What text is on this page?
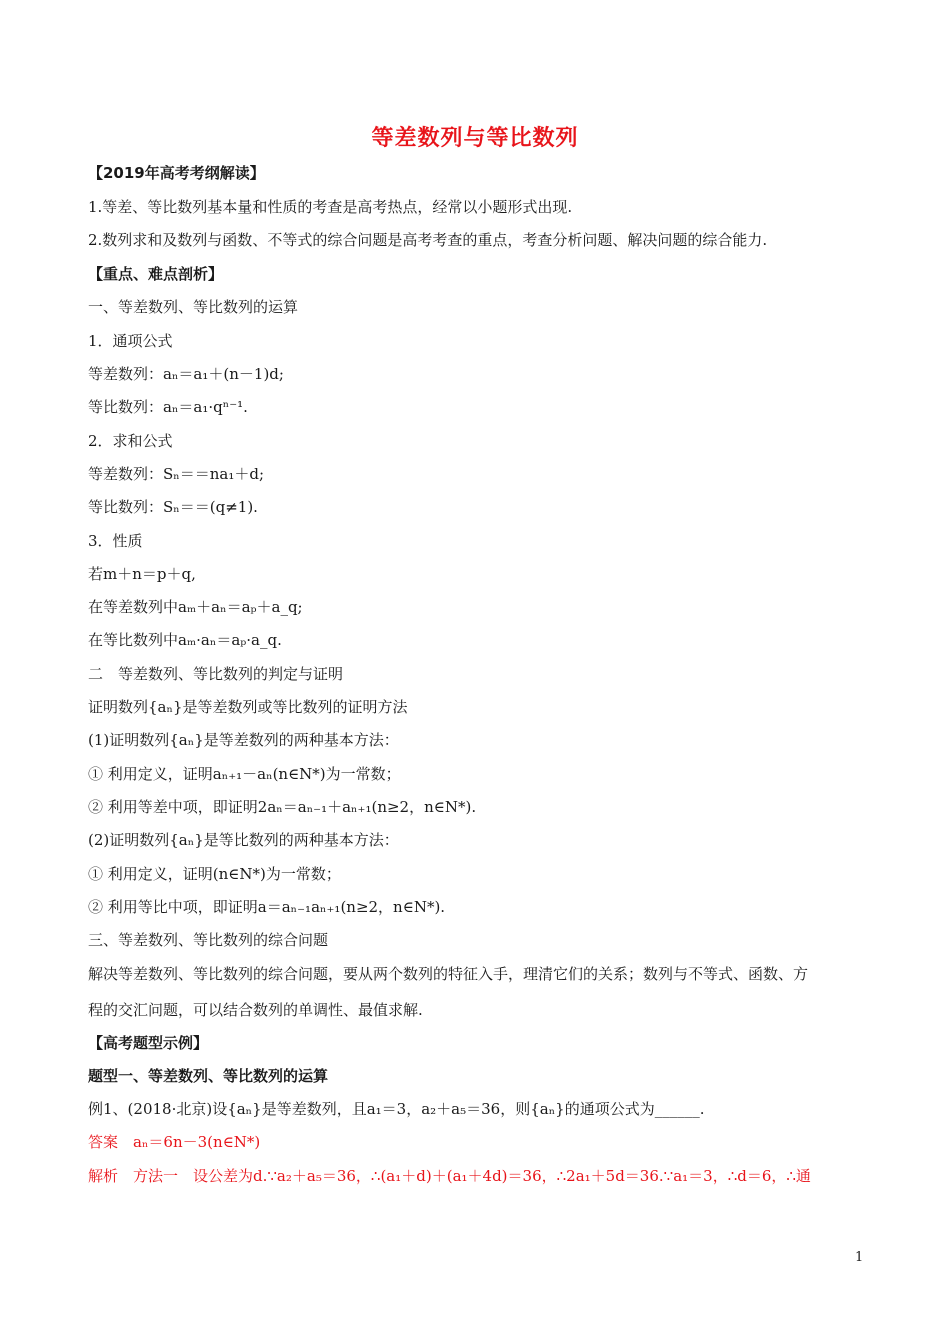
等差数列与等比数列
【2019年高考考纲解读】
1.等差、等比数列基本量和性质的考查是高考热点，经常以小题形式出现.
2.数列求和及数列与函数、不等式的综合问题是高考考查的重点，考查分析问题、解决问题的综合能力.
【重点、难点剖析】
一、等差数列、等比数列的运算
1．通项公式
等差数列：aₙ＝a₁＋(n－1)d;
等比数列：aₙ＝a₁·qⁿ⁻¹.
2．求和公式
等差数列：Sₙ＝＝na₁＋d;
等比数列：Sₙ＝＝(q≠1).
3．性质
若m＋n＝p＋q,
在等差数列中aₘ＋aₙ＝aₚ＋a_q;
在等比数列中aₘ·aₙ＝aₚ·a_q.
二　等差数列、等比数列的判定与证明
证明数列{aₙ}是等差数列或等比数列的证明方法
(1)证明数列{aₙ}是等差数列的两种基本方法：
① 利用定义，证明aₙ₊₁－aₙ(n∈N*)为一常数；
② 利用等差中项，即证明2aₙ＝aₙ₋₁＋aₙ₊₁(n≥2，n∈N*).
(2)证明数列{aₙ}是等比数列的两种基本方法：
① 利用定义，证明(n∈N*)为一常数；
② 利用等比中项，即证明a＝aₙ₋₁aₙ₊₁(n≥2，n∈N*).
三、等差数列、等比数列的综合问题
解决等差数列、等比数列的综合问题，要从两个数列的特征入手，理清它们的关系；数列与不等式、函数、方
程的交汇问题，可以结合数列的单调性、最值求解.
【高考题型示例】
题型一、等差数列、等比数列的运算
例1、(2018·北京)设{aₙ}是等差数列，且a₁＝3，a₂＋a₅＝36，则{aₙ}的通项公式为______.
答案　aₙ＝6n－3(n∈N*)
解析　方法一　设公差为d.∵a₂＋a₅＝36，∴(a₁＋d)＋(a₁＋4d)＝36，∴2a₁＋5d＝36.∵a₁＝3，∴d＝6，∴通
1
